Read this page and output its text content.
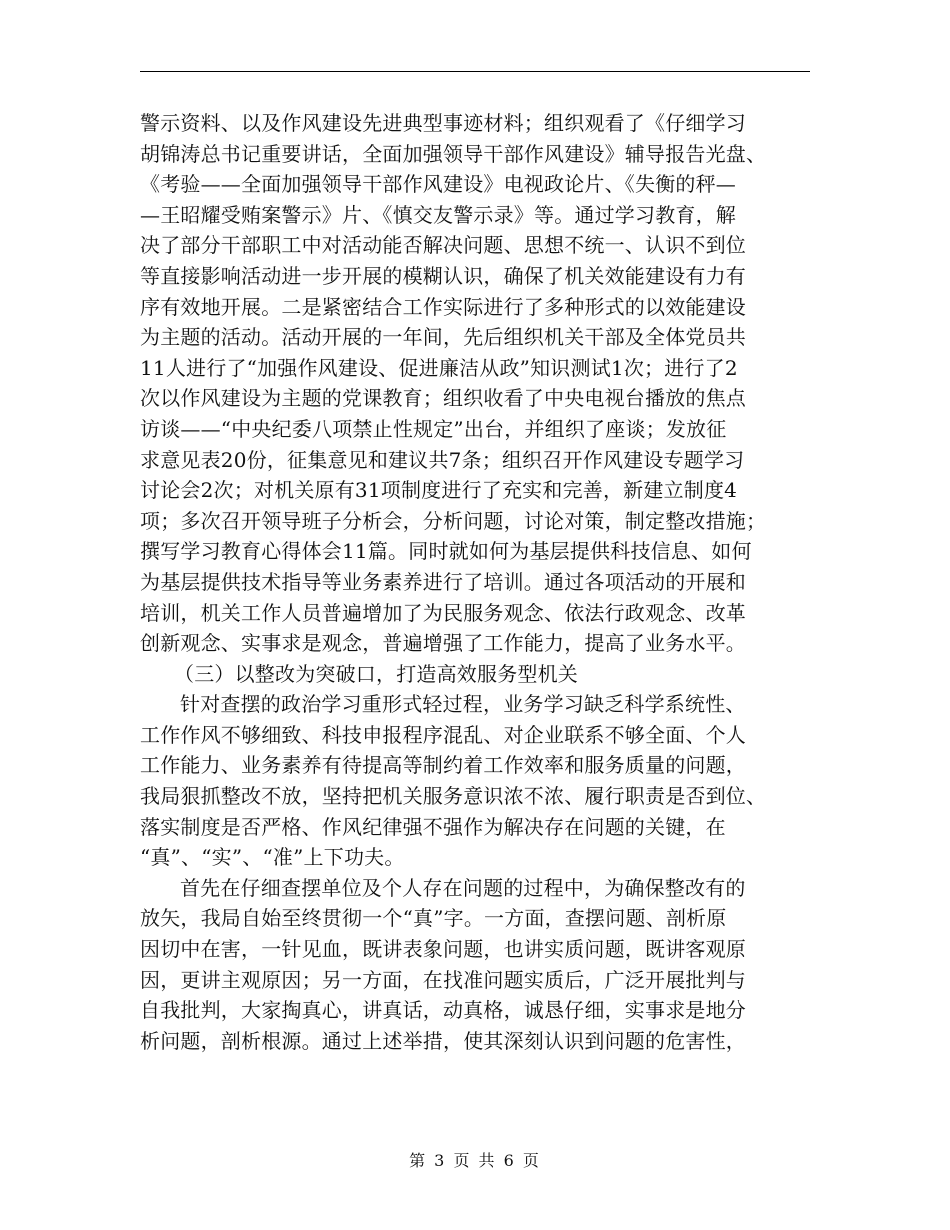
警示资料、以及作风建设先进典型事迹材料；组织观看了《仔细学习
胡锦涛总书记重要讲话，全面加强领导干部作风建设》辅导报告光盘、
《考验——全面加强领导干部作风建设》电视政论片、《失衡的秤—
—王昭耀受贿案警示》片、《慎交友警示录》等。通过学习教育，解
决了部分干部职工中对活动能否解决问题、思想不统一、认识不到位
等直接影响活动进一步开展的模糊认识，确保了机关效能建设有力有
序有效地开展。二是紧密结合工作实际进行了多种形式的以效能建设
为主题的活动。活动开展的一年间，先后组织机关干部及全体党员共
11人进行了“加强作风建设、促进廉洁从政”知识测试1次；进行了2
次以作风建设为主题的党课教育；组织收看了中央电视台播放的焦点
访谈——“中央纪委八项禁止性规定”出台，并组织了座谈；发放征
求意见表20份，征集意见和建议共7条；组织召开作风建设专题学习
讨论会2次；对机关原有31项制度进行了充实和完善，新建立制度4
项；多次召开领导班子分析会，分析问题，讨论对策，制定整改措施；
撰写学习教育心得体会11篇。同时就如何为基层提供科技信息、如何
为基层提供技术指导等业务素养进行了培训。通过各项活动的开展和
培训，机关工作人员普遍增加了为民服务观念、依法行政观念、改革
创新观念、实事求是观念，普遍增强了工作能力，提高了业务水平。
（三）以整改为突破口，打造高效服务型机关
针对查摆的政治学习重形式轻过程，业务学习缺乏科学系统性、
工作作风不够细致、科技申报程序混乱、对企业联系不够全面、个人
工作能力、业务素养有待提高等制约着工作效率和服务质量的问题，
我局狠抓整改不放，坚持把机关服务意识浓不浓、履行职责是否到位、
落实制度是否严格、作风纪律强不强作为解决存在问题的关键，在
“真”、“实”、“准”上下功夫。
首先在仔细查摆单位及个人存在问题的过程中，为确保整改有的
放矢，我局自始至终贯彻一个“真”字。一方面，查摆问题、剖析原
因切中在害，一针见血，既讲表象问题，也讲实质问题，既讲客观原
因，更讲主观原因；另一方面，在找准问题实质后，广泛开展批判与
自我批判，大家掏真心，讲真话，动真格，诚恳仔细，实事求是地分
析问题，剖析根源。通过上述举措，使其深刻认识到问题的危害性，
第 3 页 共 6 页
